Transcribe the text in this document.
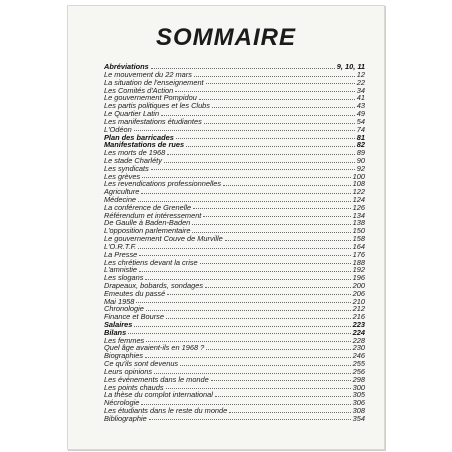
SOMMAIRE
Abréviations	9, 10, 11
Le mouvement du 22 mars	12
La situation de l'enseignement	22
Les Comités d'Action	34
Le gouvernement Pompidou	41
Les partis politiques et les Clubs	43
Le Quartier Latin	49
Les manifestations étudiantes	54
L'Odéon	74
Plan des barricades	81
Manifestations de rues	82
Les morts de 1968	89
Le stade Charléty	90
Les syndicats	92
Les grèves	100
Les revendications professionnelles	108
Agriculture	122
Médecine	124
La conférence de Grenelle	126
Référendum et intéressement	134
De Gaulle à Baden-Baden	138
L'opposition parlementaire	150
Le gouvernement Couve de Murville	158
L'O.R.T.F.	164
La Presse	176
Les chrétiens devant la crise	188
L'amnistie	192
Les slogans	196
Drapeaux, bobards, sondages	200
Emeutes du passé	206
Mai 1958	210
Chronologie	212
Finance et Bourse	216
Salaires	223
Bilans	224
Les femmes	228
Quel âge avaient-ils en 1968 ?	230
Biographies	246
Ce qu'ils sont devenus	255
Leurs opinions	256
Les événements dans le monde	298
Les points chauds	300
La thèse du complot international	305
Nécrologie	306
Les étudiants dans le reste du monde	308
Bibliographie	354
